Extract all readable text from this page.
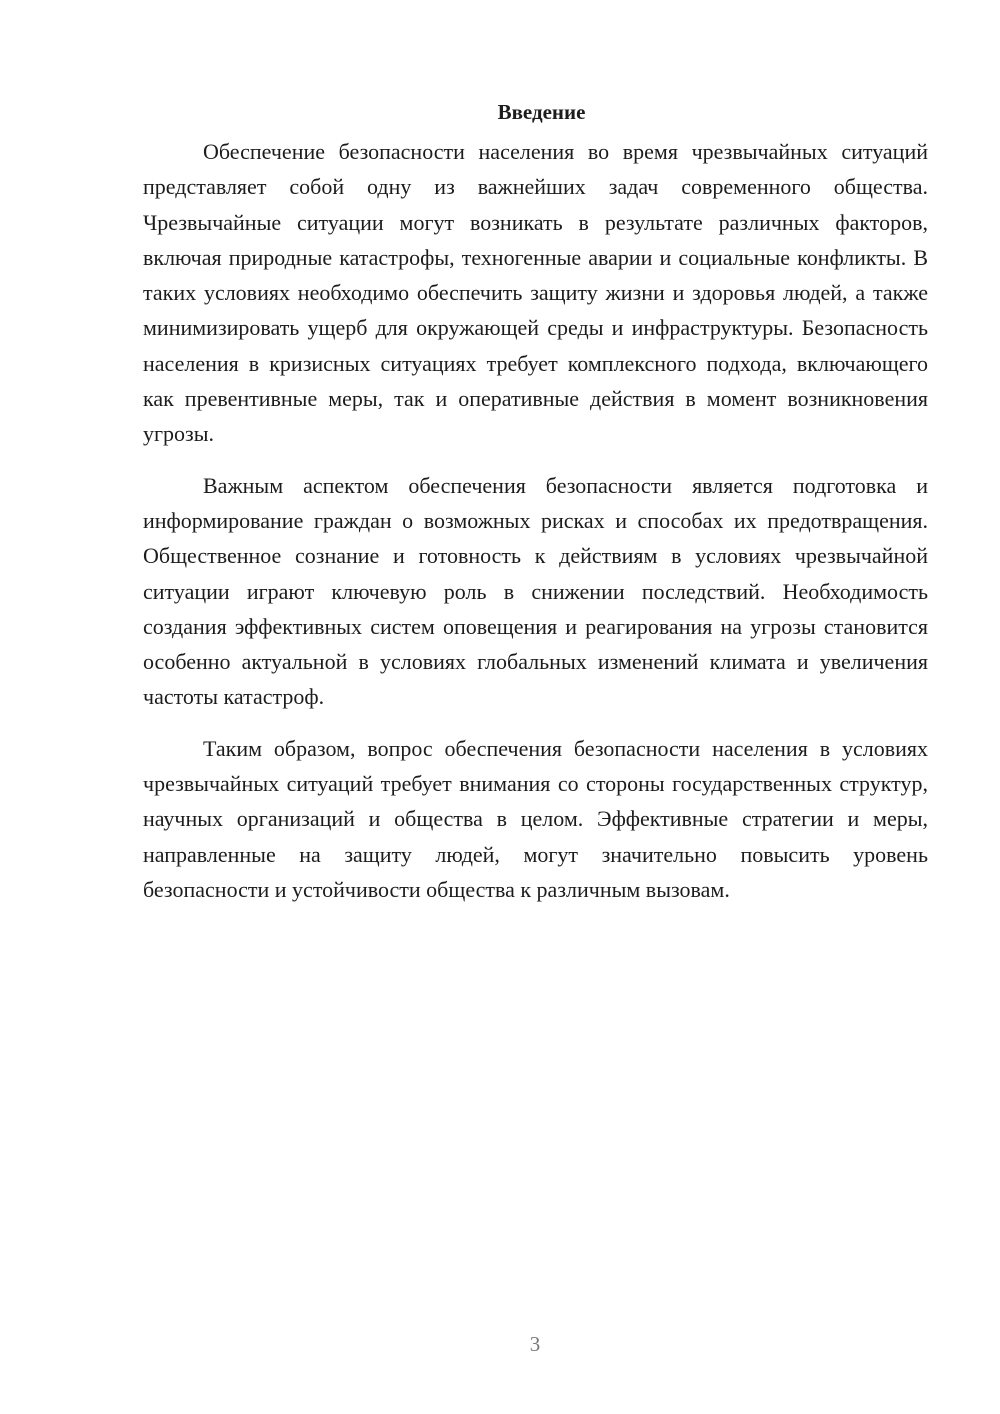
Введение

Обеспечение безопасности населения во время чрезвычайных ситуаций представляет собой одну из важнейших задач современного общества. Чрезвычайные ситуации могут возникать в результате различных факторов, включая природные катастрофы, техногенные аварии и социальные конфликты. В таких условиях необходимо обеспечить защиту жизни и здоровья людей, а также минимизировать ущерб для окружающей среды и инфраструктуры. Безопасность населения в кризисных ситуациях требует комплексного подхода, включающего как превентивные меры, так и оперативные действия в момент возникновения угрозы.

Важным аспектом обеспечения безопасности является подготовка и информирование граждан о возможных рисках и способах их предотвращения. Общественное сознание и готовность к действиям в условиях чрезвычайной ситуации играют ключевую роль в снижении последствий. Необходимость создания эффективных систем оповещения и реагирования на угрозы становится особенно актуальной в условиях глобальных изменений климата и увеличения частоты катастроф.

Таким образом, вопрос обеспечения безопасности населения в условиях чрезвычайных ситуаций требует внимания со стороны государственных структур, научных организаций и общества в целом. Эффективные стратегии и меры, направленные на защиту людей, могут значительно повысить уровень безопасности и устойчивости общества к различным вызовам.

3
